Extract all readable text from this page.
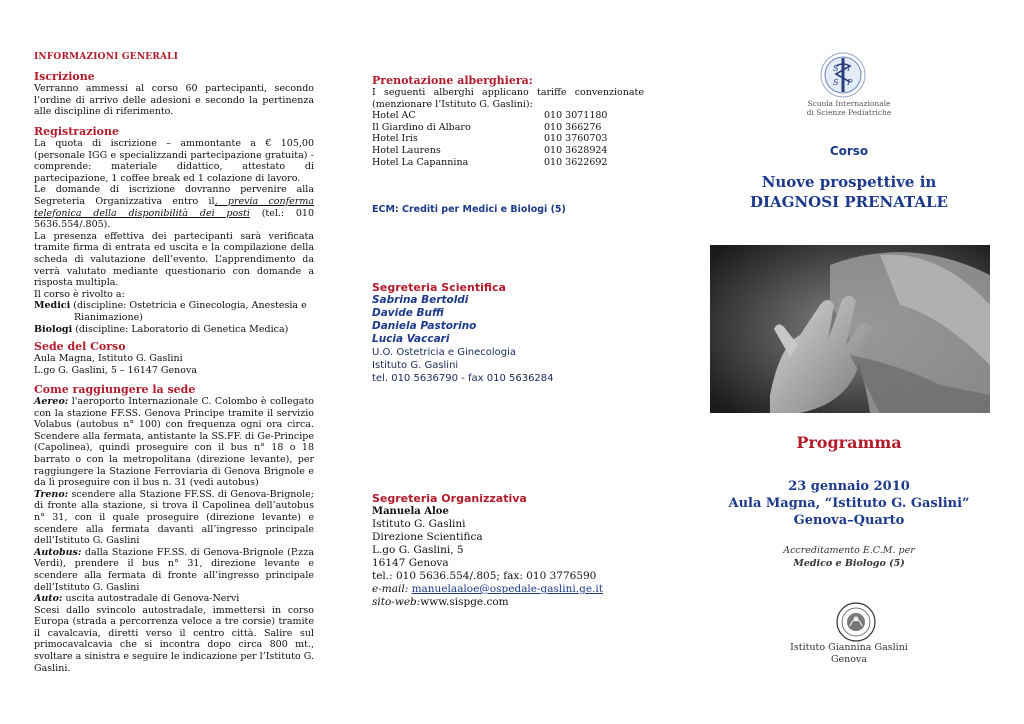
INFORMAZIONI GENERALI
Iscrizione
Verranno ammessi al corso 60 partecipanti, secondo l’ordine di arrivo delle adesioni e secondo la pertinenza alle discipline di riferimento.
Registrazione

La quota di iscrizione – ammontante a € 105,00 (personale IGG e specializzandi partecipazione gratuita) - comprende: materiale didattico, attestato di partecipazione, 1 coffee break ed 1 colazione di lavoro.

Le domande di iscrizione dovranno pervenire alla Segreteria Organizzativa entro il, previa conferma telefonica della disponibilità dei posti (tel.: 010 5636.554/.805).

La presenza effettiva dei partecipanti sarà verificata tramite firma di entrata ed uscita e la compilazione della scheda di valutazione dell’evento. L’apprendimento da verrà valutato mediante questionario con domande a risposta multipla.

Il corso è rivolto a:

Medici (discipline: Ostetricia e Ginecologia, Anestesia e

Rianimazione)

Biologi (discipline: Laboratorio di Genetica Medica)

Sede del Corso
Aula Magna, Istituto G. Gaslini
L.go G. Gaslini, 5 – 16147 Genova
Come raggiungere la sede

Aereo: l'aeroporto Internazionale C. Colombo è collegato con la stazione FF.SS. Genova Principe tramite il servizio Volabus (autobus n° 100) con frequenza ogni ora circa. Scendere alla fermata, antistante la SS.FF. di Ge-Principe (Capolinea), quindi proseguire con il bus n° 18 o 18 barrato o con la metropolitana (direzione levante), per raggiungere la Stazione Ferroviaria di Genova Brignole e da lì proseguire con il bus n. 31 (vedi autobus)

Treno: scendere alla Stazione FF.SS. di Genova-Brignole; di fronte alla stazione, si trova il Capolinea dell’autobus n° 31, con il quale proseguire (direzione levante) e scendere alla fermata davanti all’ingresso principale dell’Istituto G. Gaslini

Autobus: dalla Stazione FF.SS. di Genova-Brignole (P.zza Verdi), prendere il bus n° 31, direzione levante e scendere alla fermata di fronte all’ingresso principale dell’Istituto G. Gaslini

Auto: uscita autostradale di Genova-Nervi

Scesi dallo svincolo autostradale, immettersi in corso Europa (strada a percorrenza veloce a tre corsie) tramite il cavalcavia, diretti verso il centro città. Salire sul primocavalcavia che si incontra dopo circa 800 mt., svoltare a sinistra e seguire le indicazione per l’Istituto G. Gaslini.

Prenotazione alberghiera:
I seguenti alberghi applicano tariffe convenzionate (menzionare l’Istituto G. Gaslini):
Hotel AC	010 3071180
Il Giardino di Albaro	010 366276
Hotel Iris	010 3760703
Hotel Laurens	010 3628924
Hotel La Capannina	010 3622692
ECM: Crediti per Medici e Biologi (5)
Segreteria Scientifica
Sabrina Bertoldi
Davide Buffi
Daniela Pastorino
Lucia Vaccari
U.O. Ostetricia e Ginecologia
Istituto G. Gaslini
tel. 010 5636790 - fax 010 5636284
Segreteria Organizzativa
Manuela Aloe
Istituto G. Gaslini
Direzione Scientifica
L.go G. Gaslini, 5
16147 Genova
tel.: 010 5636.554/.805; fax: 010 3776590
e-mail: manuelaaloe@ospedale-gaslini.ge.it
sito-web:www.sispge.com
S I
S P
Scuola Internazionale
di Scienze Pediatriche
Corso
Nuove prospettive in
DIAGNOSI PRENATALE
Programma
23 gennaio 2010
Aula Magna, “Istituto G. Gaslini”
Genova–Quarto
Accreditamento E.C.M. per
Medico e Biologo (5)
Istituto Giannina Gaslini
Genova
